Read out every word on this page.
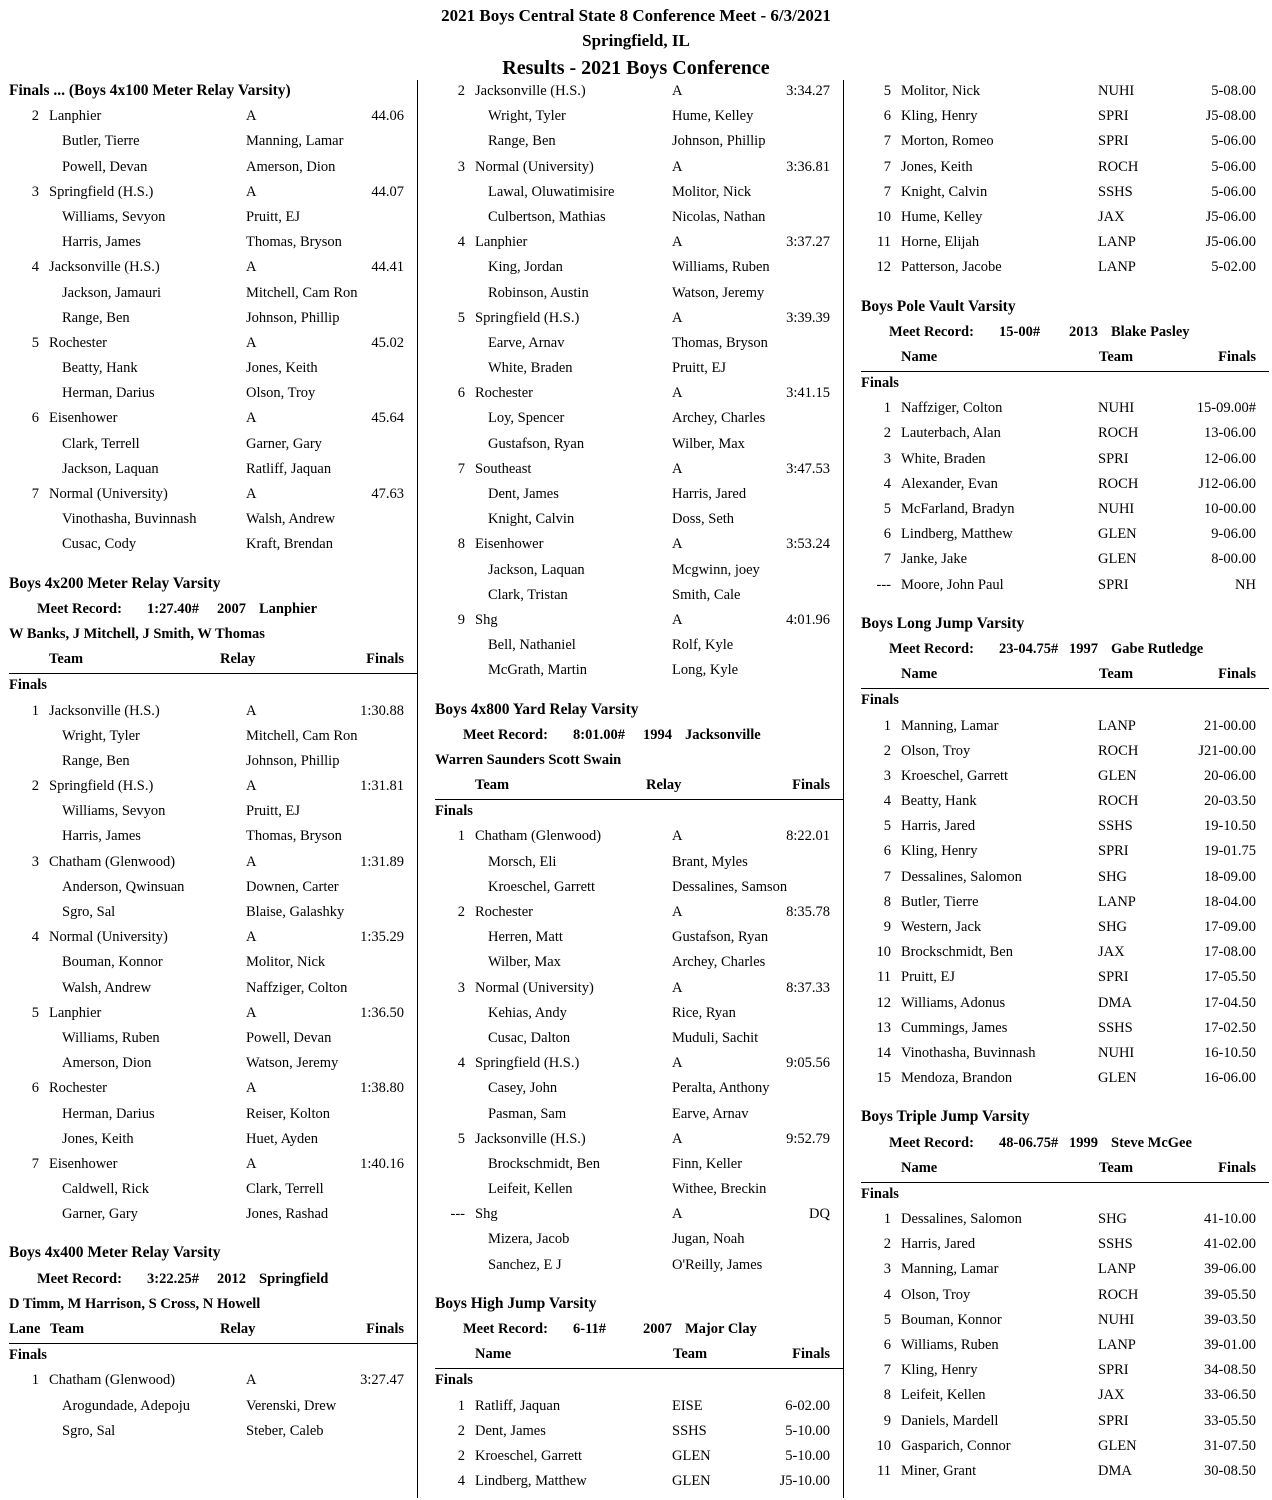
2021 Boys Central State 8 Conference Meet - 6/3/2021
Springfield, IL
Results - 2021 Boys Conference
Finals ... (Boys 4x100 Meter Relay Varsity)
2 Lanphier	A	44.06
Butler, Tierre	Manning, Lamar
Powell, Devan	Amerson, Dion
3 Springfield (H.S.)	A	44.07
Williams, Sevyon	Pruitt, EJ
Harris, James	Thomas, Bryson
4 Jacksonville (H.S.)	A	44.41
Jackson, Jamauri	Mitchell, Cam Ron
Range, Ben	Johnson, Phillip
5 Rochester	A	45.02
Beatty, Hank	Jones, Keith
Herman, Darius	Olson, Troy
6 Eisenhower	A	45.64
Clark, Terrell	Garner, Gary
Jackson, Laquan	Ratliff, Jaquan
7 Normal (University)	A	47.63
Vinothasha, Buvinnash	Walsh, Andrew
Cusac, Cody	Kraft, Brendan
Boys 4x200 Meter Relay Varsity
Meet Record: 1:27.40# 2007 Lanphier
W Banks, J Mitchell, J Smith, W Thomas
Team	Relay	Finals
Finals
1 Jacksonville (H.S.)	A	1:30.88
Wright, Tyler	Mitchell, Cam Ron
Range, Ben	Johnson, Phillip
2 Springfield (H.S.)	A	1:31.81
Williams, Sevyon	Pruitt, EJ
Harris, James	Thomas, Bryson
3 Chatham (Glenwood)	A	1:31.89
Anderson, Qwinsuan	Downen, Carter
Sgro, Sal	Blaise, Galashky
4 Normal (University)	A	1:35.29
Bouman, Konnor	Molitor, Nick
Walsh, Andrew	Naffziger, Colton
5 Lanphier	A	1:36.50
Williams, Ruben	Powell, Devan
Amerson, Dion	Watson, Jeremy
6 Rochester	A	1:38.80
Herman, Darius	Reiser, Kolton
Jones, Keith	Huet, Ayden
7 Eisenhower	A	1:40.16
Caldwell, Rick	Clark, Terrell
Garner, Gary	Jones, Rashad
Boys 4x400 Meter Relay Varsity
Meet Record: 3:22.25# 2012 Springfield
D Timm, M Harrison, S Cross, N Howell
Lane Team	Relay	Finals
Finals
1 Chatham (Glenwood)	A	3:27.47
Arogundade, Adepoju	Verenski, Drew
Sgro, Sal	Steber, Caleb
2 Jacksonville (H.S.)	A	3:34.27
Wright, Tyler	Hume, Kelley
Range, Ben	Johnson, Phillip
3 Normal (University)	A	3:36.81
Lawal, Oluwatimisire	Molitor, Nick
Culbertson, Mathias	Nicolas, Nathan
4 Lanphier	A	3:37.27
King, Jordan	Williams, Ruben
Robinson, Austin	Watson, Jeremy
5 Springfield (H.S.)	A	3:39.39
Earve, Arnav	Thomas, Bryson
White, Braden	Pruitt, EJ
6 Rochester	A	3:41.15
Loy, Spencer	Archey, Charles
Gustafson, Ryan	Wilber, Max
7 Southeast	A	3:47.53
Dent, James	Harris, Jared
Knight, Calvin	Doss, Seth
8 Eisenhower	A	3:53.24
Jackson, Laquan	Mcgwinn, joey
Clark, Tristan	Smith, Cale
9 Shg	A	4:01.96
Bell, Nathaniel	Rolf, Kyle
McGrath, Martin	Long, Kyle
Boys 4x800 Yard Relay Varsity
Meet Record: 8:01.00# 1994 Jacksonville
Warren Saunders Scott Swain
Team	Relay	Finals
Finals
1 Chatham (Glenwood)	A	8:22.01
Morsch, Eli	Brant, Myles
Kroeschel, Garrett	Dessalines, Samson
2 Rochester	A	8:35.78
Herren, Matt	Gustafson, Ryan
Wilber, Max	Archey, Charles
3 Normal (University)	A	8:37.33
Kehias, Andy	Rice, Ryan
Cusac, Dalton	Muduli, Sachit
4 Springfield (H.S.)	A	9:05.56
Casey, John	Peralta, Anthony
Pasman, Sam	Earve, Arnav
5 Jacksonville (H.S.)	A	9:52.79
Brockschmidt, Ben	Finn, Keller
Leifeit, Kellen	Withee, Breckin
--- Shg	A	DQ
Mizera, Jacob	Jugan, Noah
Sanchez, E J	O'Reilly, James
Boys High Jump Varsity
Meet Record: 6-11#	2007 Major Clay
Name	Team	Finals
Finals
1 Ratliff, Jaquan	EISE	6-02.00
2 Dent, James	SSHS	5-10.00
2 Kroeschel, Garrett	GLEN	5-10.00
4 Lindberg, Matthew	GLEN	J5-10.00
5 Molitor, Nick	NUHI	5-08.00
6 Kling, Henry	SPRI	J5-08.00
7 Morton, Romeo	SPRI	5-06.00
7 Jones, Keith	ROCH	5-06.00
7 Knight, Calvin	SSHS	5-06.00
10 Hume, Kelley	JAX	J5-06.00
11 Horne, Elijah	LANP	J5-06.00
12 Patterson, Jacobe	LANP	5-02.00
Boys Pole Vault Varsity
Meet Record: 15-00# 2013 Blake Pasley
Name	Team	Finals
Finals
1 Naffziger, Colton	NUHI	15-09.00#
2 Lauterbach, Alan	ROCH	13-06.00
3 White, Braden	SPRI	12-06.00
4 Alexander, Evan	ROCH	J12-06.00
5 McFarland, Bradyn	NUHI	10-00.00
6 Lindberg, Matthew	GLEN	9-06.00
7 Janke, Jake	GLEN	8-00.00
--- Moore, John Paul	SPRI	NH
Boys Long Jump Varsity
Meet Record: 23-04.75# 1997 Gabe Rutledge
Name	Team	Finals
Finals
1 Manning, Lamar	LANP	21-00.00
2 Olson, Troy	ROCH	J21-00.00
3 Kroeschel, Garrett	GLEN	20-06.00
4 Beatty, Hank	ROCH	20-03.50
5 Harris, Jared	SSHS	19-10.50
6 Kling, Henry	SPRI	19-01.75
7 Dessalines, Salomon	SHG	18-09.00
8 Butler, Tierre	LANP	18-04.00
9 Western, Jack	SHG	17-09.00
10 Brockschmidt, Ben	JAX	17-08.00
11 Pruitt, EJ	SPRI	17-05.50
12 Williams, Adonus	DMA	17-04.50
13 Cummings, James	SSHS	17-02.50
14 Vinothasha, Buvinnash	NUHI	16-10.50
15 Mendoza, Brandon	GLEN	16-06.00
Boys Triple Jump Varsity
Meet Record: 48-06.75# 1999 Steve McGee
Name	Team	Finals
Finals
1 Dessalines, Salomon	SHG	41-10.00
2 Harris, Jared	SSHS	41-02.00
3 Manning, Lamar	LANP	39-06.00
4 Olson, Troy	ROCH	39-05.50
5 Bouman, Konnor	NUHI	39-03.50
6 Williams, Ruben	LANP	39-01.00
7 Kling, Henry	SPRI	34-08.50
8 Leifeit, Kellen	JAX	33-06.50
9 Daniels, Mardell	SPRI	33-05.50
10 Gasparich, Connor	GLEN	31-07.50
11 Miner, Grant	DMA	30-08.50
